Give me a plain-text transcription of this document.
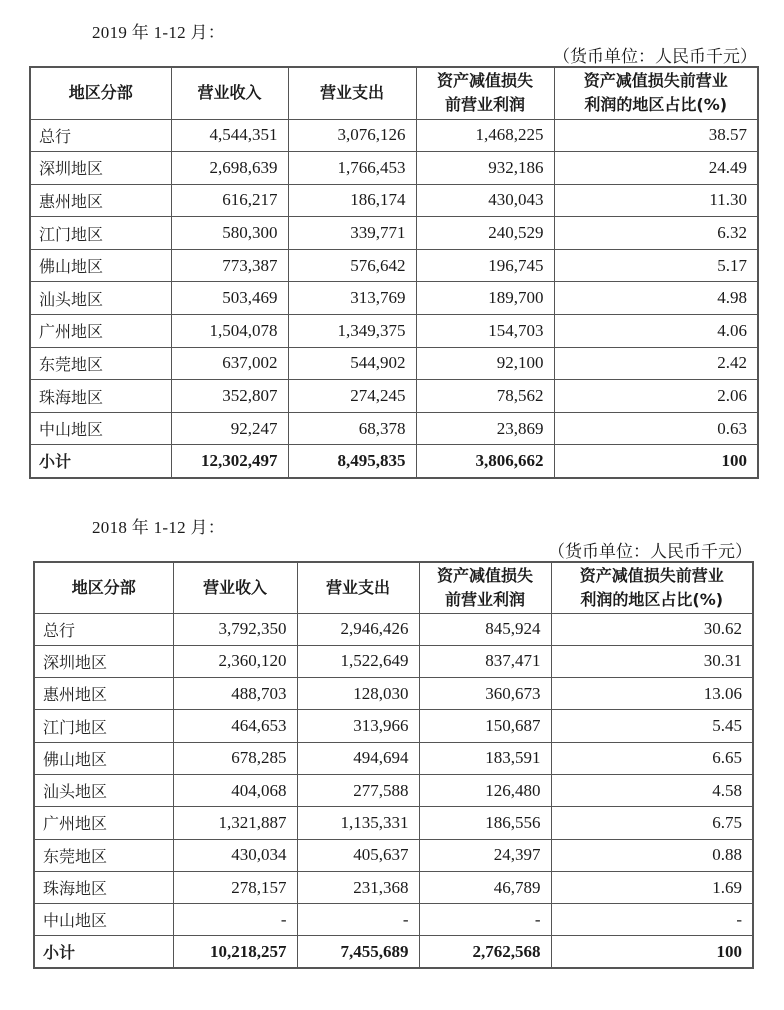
2019 年 1-12 月：
（货币单位：人民币千元）
地区分部	营业收入	营业支出	资产减值损失
前营业利润	资产减值损失前营业
利润的地区占比(%)
总行	4,544,351	3,076,126	1,468,225	38.57
深圳地区	2,698,639	1,766,453	932,186	24.49
惠州地区	616,217	186,174	430,043	11.30
江门地区	580,300	339,771	240,529	6.32
佛山地区	773,387	576,642	196,745	5.17
汕头地区	503,469	313,769	189,700	4.98
广州地区	1,504,078	1,349,375	154,703	4.06
东莞地区	637,002	544,902	92,100	2.42
珠海地区	352,807	274,245	78,562	2.06
中山地区	92,247	68,378	23,869	0.63
小计	12,302,497	8,495,835	3,806,662	100
2018 年 1-12 月：
（货币单位：人民币千元）
地区分部	营业收入	营业支出	资产减值损失
前营业利润	资产减值损失前营业
利润的地区占比(%)
总行	3,792,350	2,946,426	845,924	30.62
深圳地区	2,360,120	1,522,649	837,471	30.31
惠州地区	488,703	128,030	360,673	13.06
江门地区	464,653	313,966	150,687	5.45
佛山地区	678,285	494,694	183,591	6.65
汕头地区	404,068	277,588	126,480	4.58
广州地区	1,321,887	1,135,331	186,556	6.75
东莞地区	430,034	405,637	24,397	0.88
珠海地区	278,157	231,368	46,789	1.69
中山地区	-	-	-	-
小计	10,218,257	7,455,689	2,762,568	100
